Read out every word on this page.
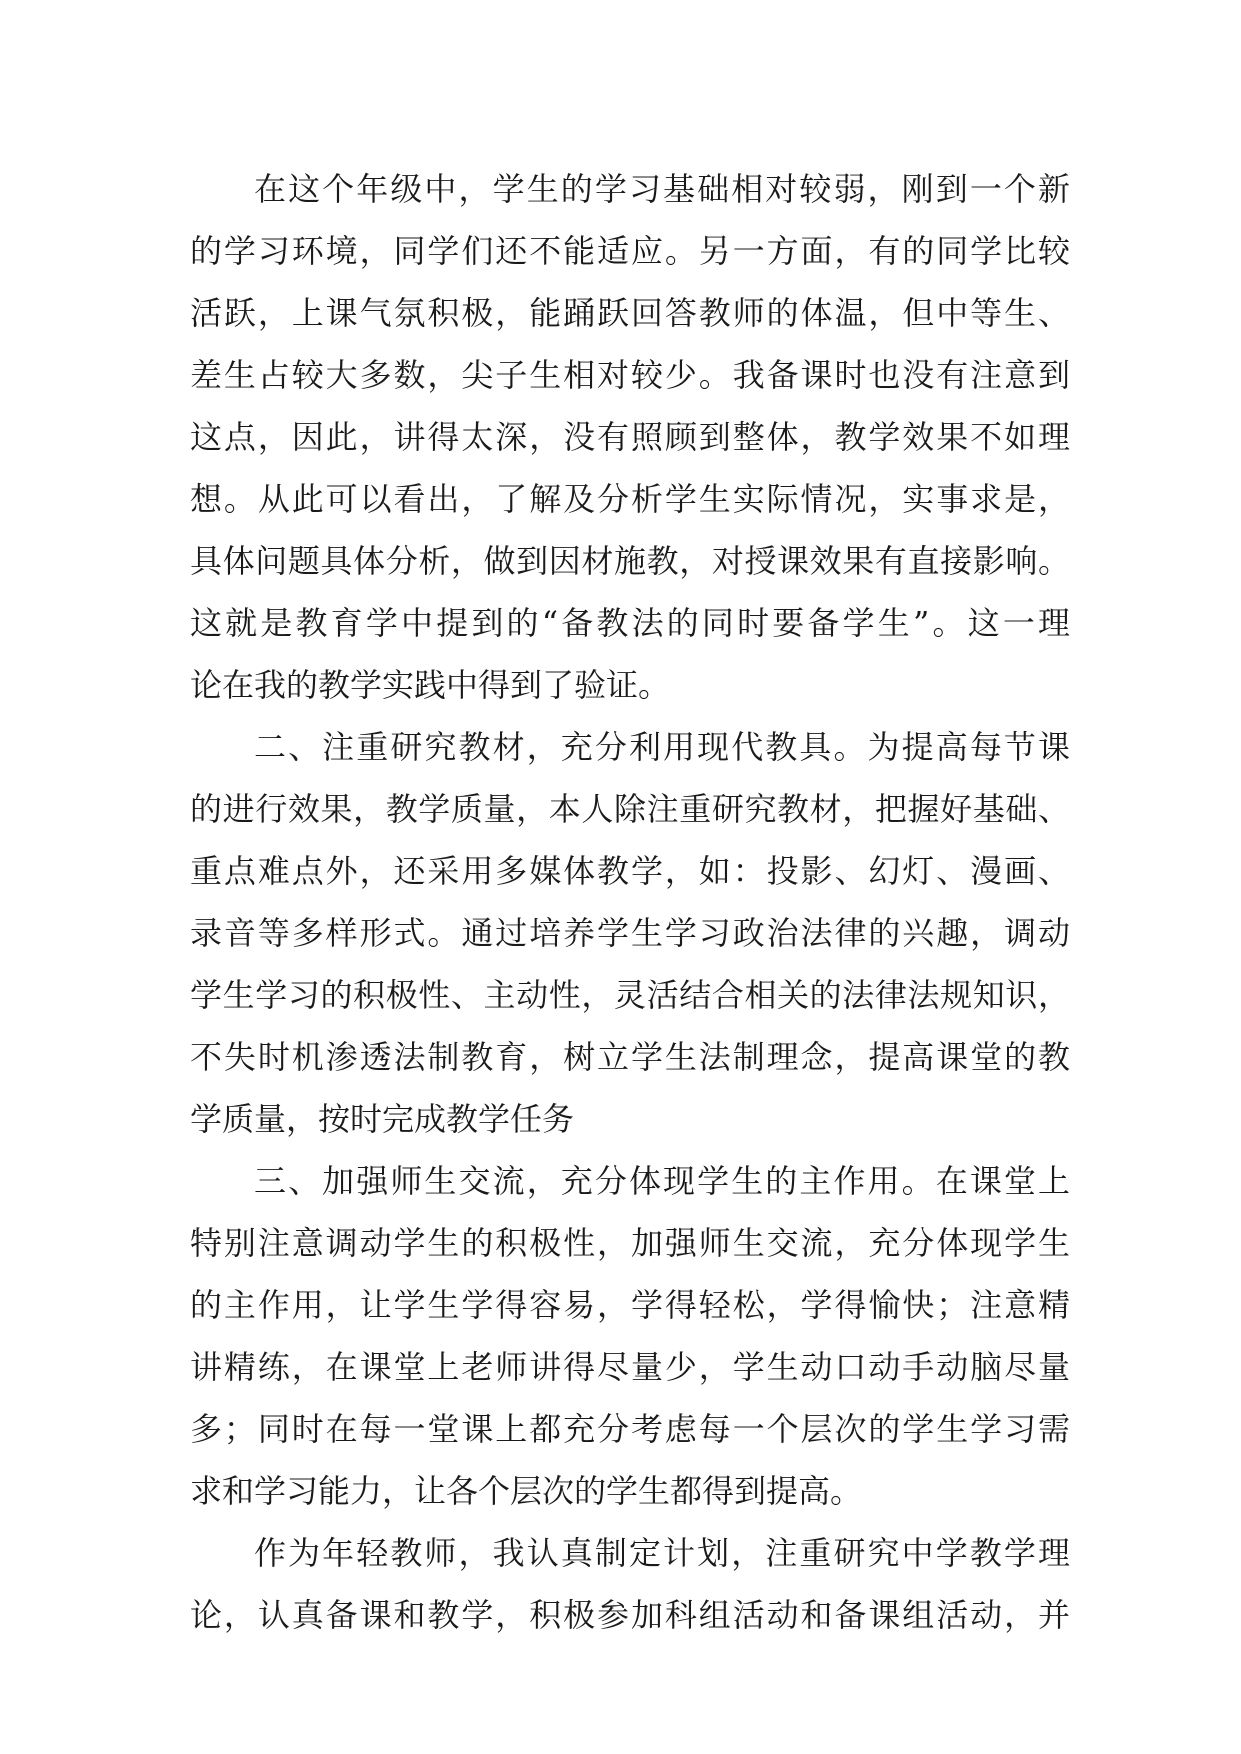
在这个年级中，学生的学习基础相对较弱，刚到一个新
的学习环境，同学们还不能适应。另一方面，有的同学比较
活跃，上课气氛积极，能踊跃回答教师的体温，但中等生、
差生占较大多数，尖子生相对较少。我备课时也没有注意到
这点，因此，讲得太深，没有照顾到整体，教学效果不如理
想。从此可以看出，了解及分析学生实际情况，实事求是，
具体问题具体分析，做到因材施教，对授课效果有直接影响。
这就是教育学中提到的“备教法的同时要备学生”。这一理
论在我的教学实践中得到了验证。
二、注重研究教材，充分利用现代教具。为提高每节课
的进行效果，教学质量，本人除注重研究教材，把握好基础、
重点难点外，还采用多媒体教学，如：投影、幻灯、漫画、
录音等多样形式。通过培养学生学习政治法律的兴趣，调动
学生学习的积极性、主动性，灵活结合相关的法律法规知识，
不失时机渗透法制教育，树立学生法制理念，提高课堂的教
学质量，按时完成教学任务
三、加强师生交流，充分体现学生的主作用。在课堂上
特别注意调动学生的积极性，加强师生交流，充分体现学生
的主作用，让学生学得容易，学得轻松，学得愉快；注意精
讲精练，在课堂上老师讲得尽量少，学生动口动手动脑尽量
多；同时在每一堂课上都充分考虑每一个层次的学生学习需
求和学习能力，让各个层次的学生都得到提高。
作为年轻教师，我认真制定计划，注重研究中学教学理
论，认真备课和教学，积极参加科组活动和备课组活动，并
